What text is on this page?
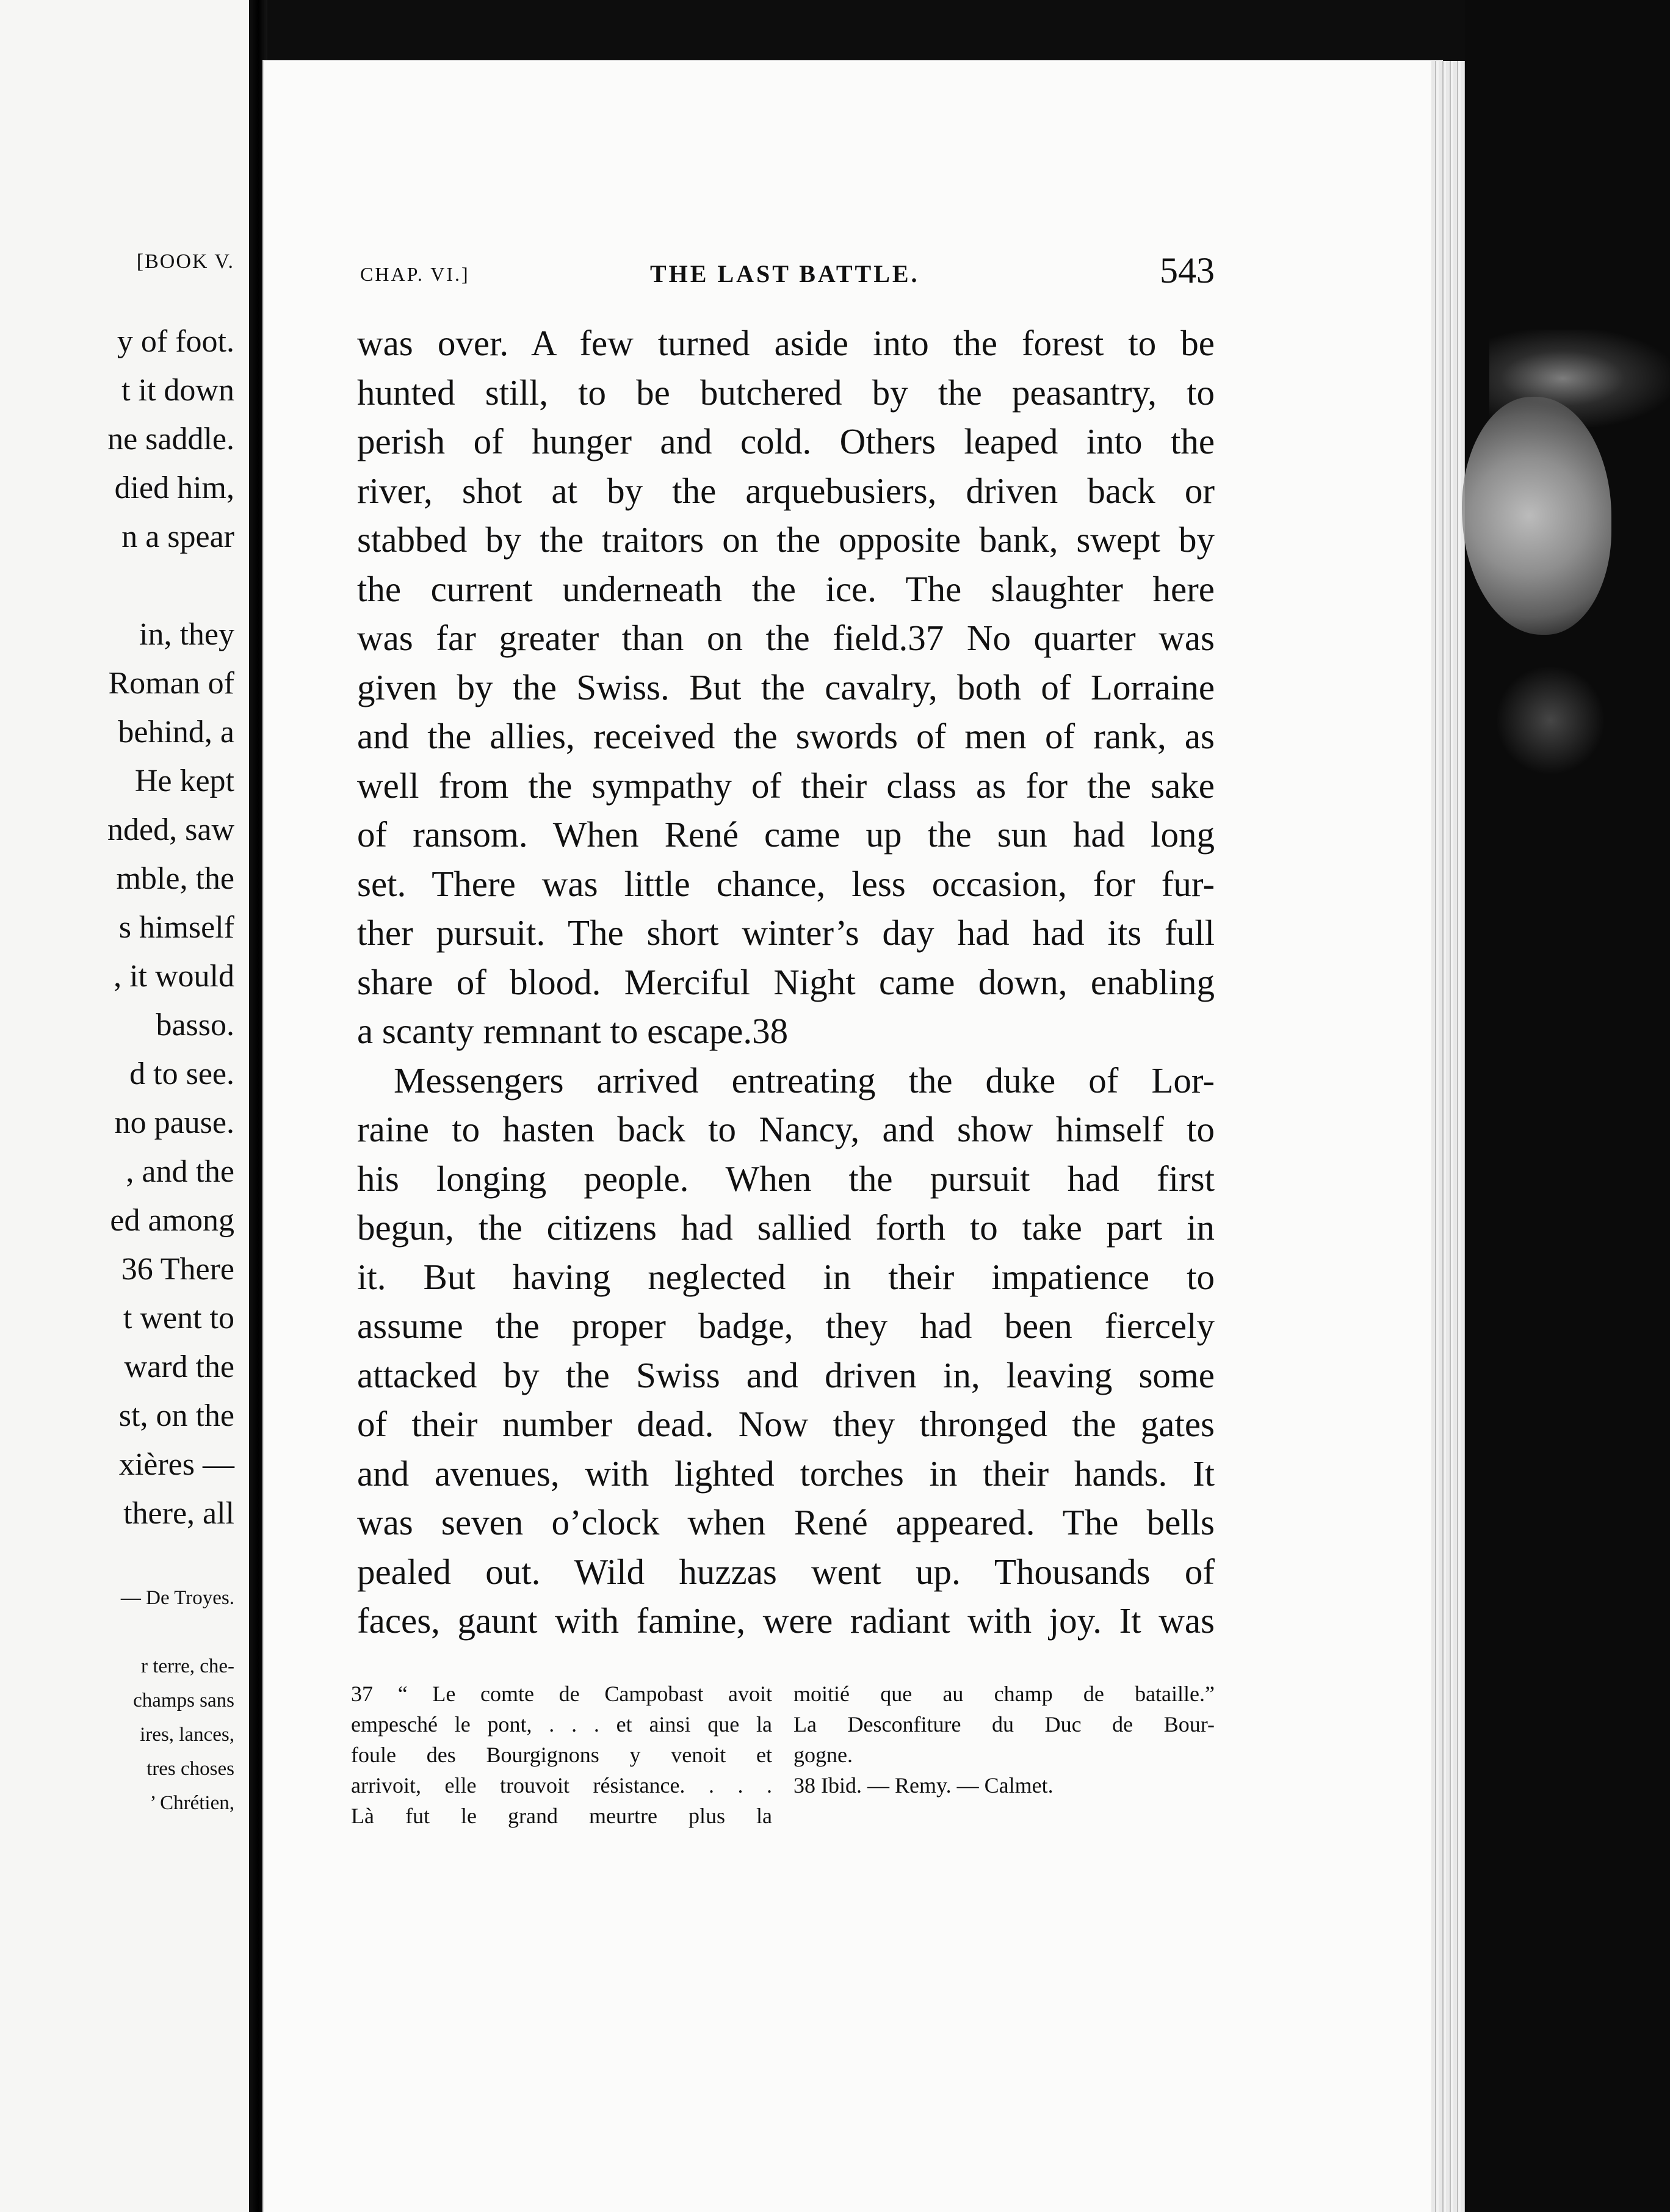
[BOOK V.
y of foot.
t it down
ne saddle.
died him,
n a spear
in, they
Roman of
behind, a
He kept
nded, saw
mble, the
s himself
, it would
basso.
d to see.
no pause.
, and the
ed among
36 There
t went to
ward the
st, on the
xières —
there, all
— De Troyes.
r terre, che-
champs sans
ires, lances,
tres choses
’ Chrétien,
CHAP. VI.]	THE LAST BATTLE.	543
was over. A few turned aside into the forest to be
hunted still, to be butchered by the peasantry, to
perish of hunger and cold. Others leaped into the
river, shot at by the arquebusiers, driven back or
stabbed by the traitors on the opposite bank, swept by
the current underneath the ice. The slaughter here
was far greater than on the field.37 No quarter was
given by the Swiss. But the cavalry, both of Lorraine
and the allies, received the swords of men of rank, as
well from the sympathy of their class as for the sake
of ransom. When René came up the sun had long
set. There was little chance, less occasion, for fur-
ther pursuit. The short winter’s day had had its full
share of blood. Merciful Night came down, enabling
a scanty remnant to escape.38
Messengers arrived entreating the duke of Lor-
raine to hasten back to Nancy, and show himself to
his longing people. When the pursuit had first
begun, the citizens had sallied forth to take part in
it. But having neglected in their impatience to
assume the proper badge, they had been fiercely
attacked by the Swiss and driven in, leaving some
of their number dead. Now they thronged the gates
and avenues, with lighted torches in their hands. It
was seven o’clock when René appeared. The bells
pealed out. Wild huzzas went up. Thousands of
faces, gaunt with famine, were radiant with joy. It was
37 “ Le comte de Campobast avoit
empesché le pont, . . . et ainsi que la
foule des Bourgignons y venoit et
arrivoit, elle trouvoit résistance. . . .
Là fut le grand meurtre plus la
moitié que au champ de bataille.”
La Desconfiture du Duc de Bour-
gogne.
38 Ibid. — Remy. — Calmet.
